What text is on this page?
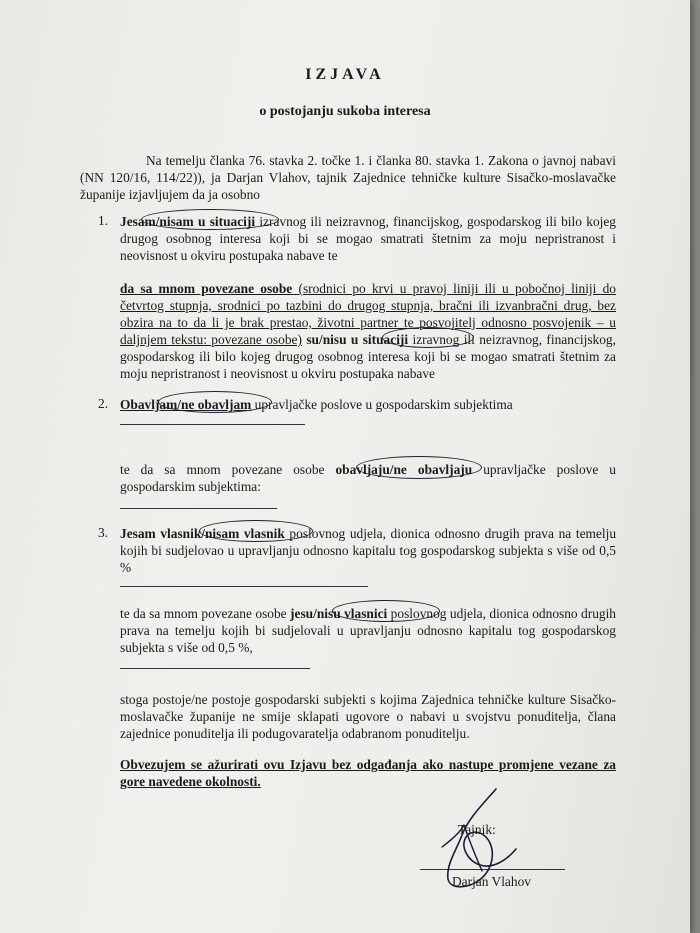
IZJAVA
o postojanju sukoba interesa
Na temelju članka 76. stavka 2. točke 1. i članka 80. stavka 1. Zakona o javnoj nabavi (NN 120/16, 114/22)), ja Darjan Vlahov, tajnik Zajednice tehničke kulture Sisačko-moslavačke županije izjavljujem da ja osobno
1. Jesam/nisam u situaciji izravnog ili neizravnog, financijskog, gospodarskog ili bilo kojeg drugog osobnog interesa koji bi se mogao smatrati štetnim za moju nepristranost i neovisnost u okviru postupaka nabave te
da sa mnom povezane osobe (srodnici po krvi u pravoj liniji ili u pobočnoj liniji do četvrtog stupnja, srodnici po tazbini do drugog stupnja, bračni ili izvanbračni drug, bez obzira na to da li je brak prestao, životni partner te posvojitelj odnosno posvojenik – u daljnjem tekstu: povezane osobe) su/nisu u situaciji izravnog ili neizravnog, financijskog, gospodarskog ili bilo kojeg drugog osobnog interesa koji bi se mogao smatrati štetnim za moju nepristranost i neovisnost u okviru postupaka nabave
2. Obavljam/ne obavljam upravljačke poslove u gospodarskim subjektima
te da sa mnom povezane osobe obavljaju/ne obavljaju upravljačke poslove u gospodarskim subjektima:
3. Jesam vlasnik/nisam vlasnik poslovnog udjela, dionica odnosno drugih prava na temelju kojih bi sudjelovao u upravljanju odnosno kapitalu tog gospodarskog subjekta s više od 0,5 %
te da sa mnom povezane osobe jesu/nisu vlasnici poslovnog udjela, dionica odnosno drugih prava na temelju kojih bi sudjelovali u upravljanju odnosno kapitalu tog gospodarskog subjekta s više od 0,5 %,
stoga postoje/ne postoje gospodarski subjekti s kojima Zajednica tehničke kulture Sisačko-moslavačke županije ne smije sklapati ugovore o nabavi u svojstvu ponuditelja, člana zajednice ponuditelja ili podugovaratelja odabranom ponuditelju.
Obvezujem se ažurirati ovu Izjavu bez odgađanja ako nastupe promjene vezane za gore navedene okolnosti.
Tajnik:
Darjan Vlahov
